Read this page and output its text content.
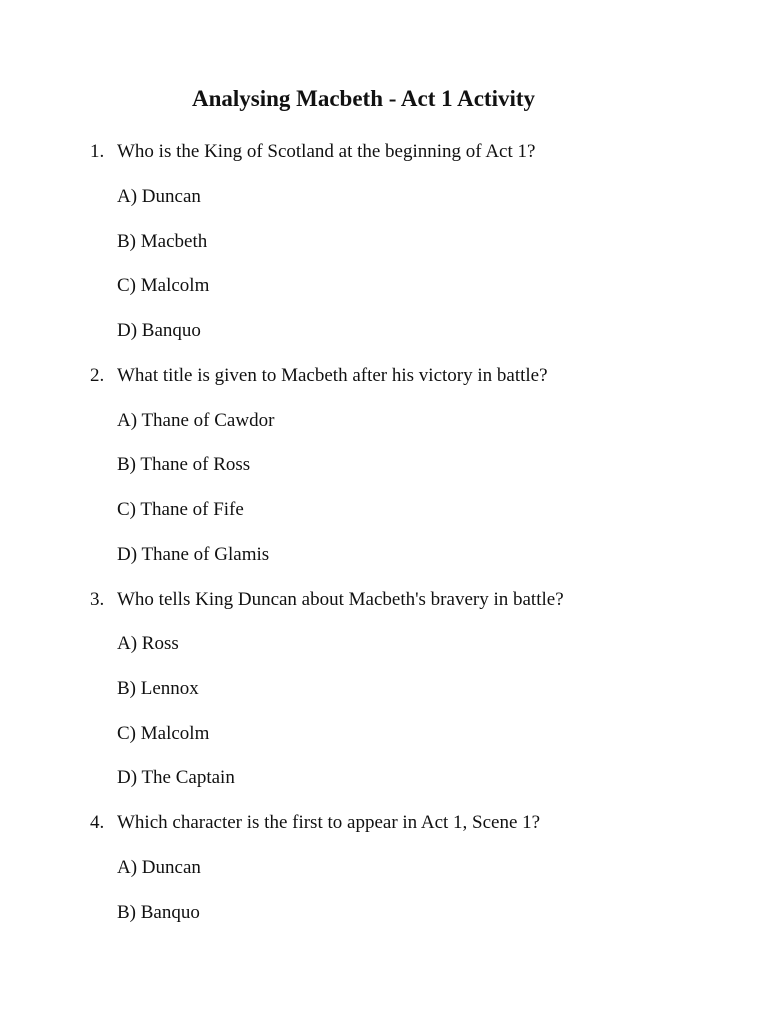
Analysing Macbeth - Act 1 Activity
1. Who is the King of Scotland at the beginning of Act 1?
A) Duncan
B) Macbeth
C) Malcolm
D) Banquo
2. What title is given to Macbeth after his victory in battle?
A) Thane of Cawdor
B) Thane of Ross
C) Thane of Fife
D) Thane of Glamis
3. Who tells King Duncan about Macbeth's bravery in battle?
A) Ross
B) Lennox
C) Malcolm
D) The Captain
4. Which character is the first to appear in Act 1, Scene 1?
A) Duncan
B) Banquo
